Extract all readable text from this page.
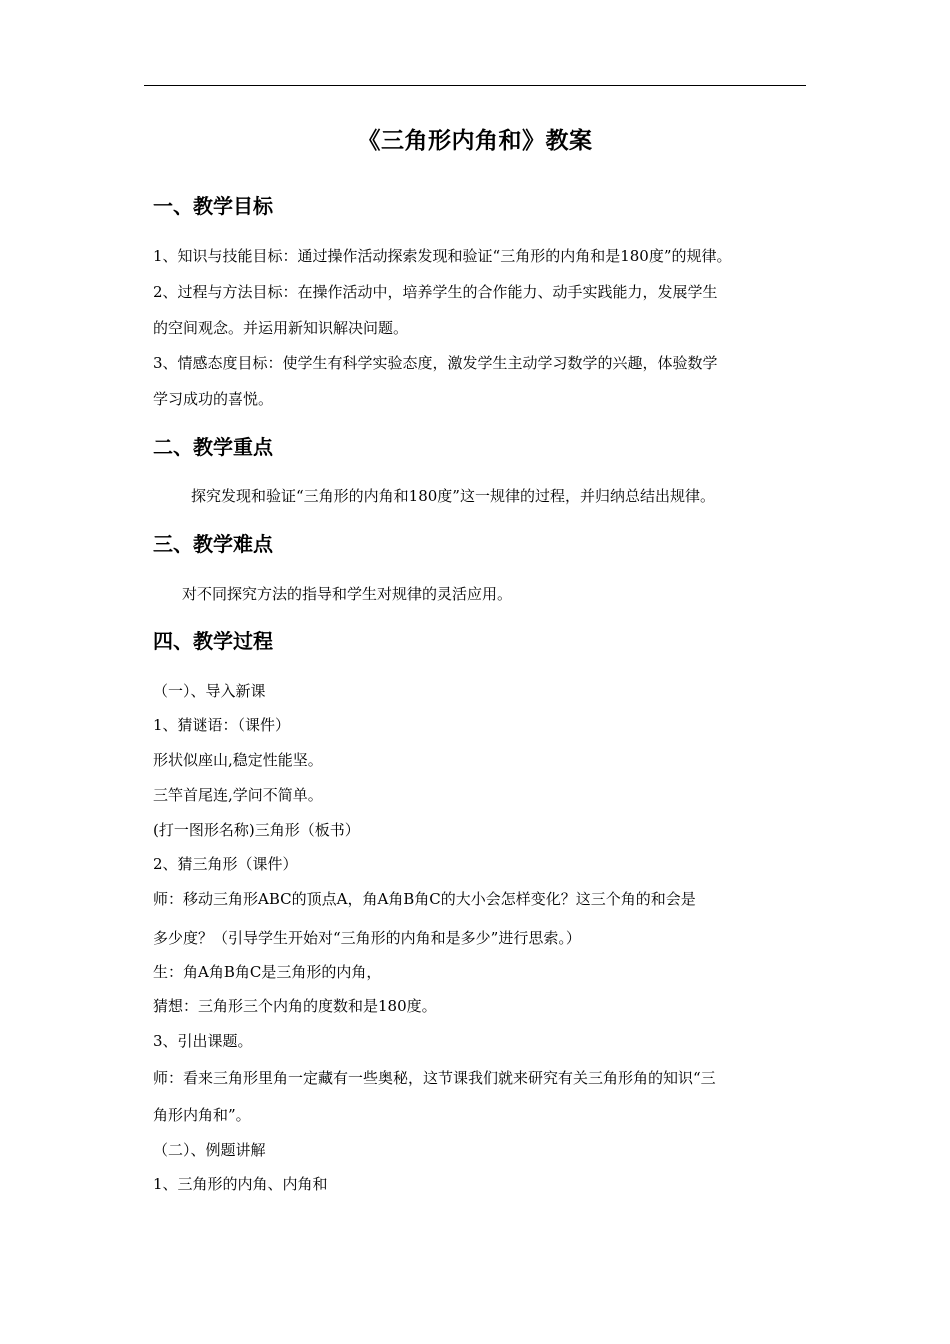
《三角形内角和》教案
一、教学目标
1、知识与技能目标：通过操作活动探索发现和验证“三角形的内角和是180度”的规律。
2、过程与方法目标：在操作活动中，培养学生的合作能力、动手实践能力，发展学生
的空间观念。并运用新知识解决问题。
3、情感态度目标：使学生有科学实验态度，激发学生主动学习数学的兴趣，体验数学
学习成功的喜悦。
二、教学重点
探究发现和验证“三角形的内角和180度”这一规律的过程，并归纳总结出规律。
三、教学难点
对不同探究方法的指导和学生对规律的灵活应用。
四、教学过程
（一）、导入新课
1、猜谜语：（课件）
形状似座山,稳定性能坚。
三竿首尾连,学问不简单。
(打一图形名称)三角形（板书）
2、猜三角形（课件）
师：移动三角形ABC的顶点A，角A角B角C的大小会怎样变化？这三个角的和会是
多少度？（引导学生开始对“三角形的内角和是多少”进行思索。）
生：角A角B角C是三角形的内角，
猜想：三角形三个内角的度数和是180度。
3、引出课题。
师：看来三角形里角一定藏有一些奥秘，这节课我们就来研究有关三角形角的知识“三
角形内角和”。
（二）、例题讲解
1、三角形的内角、内角和
